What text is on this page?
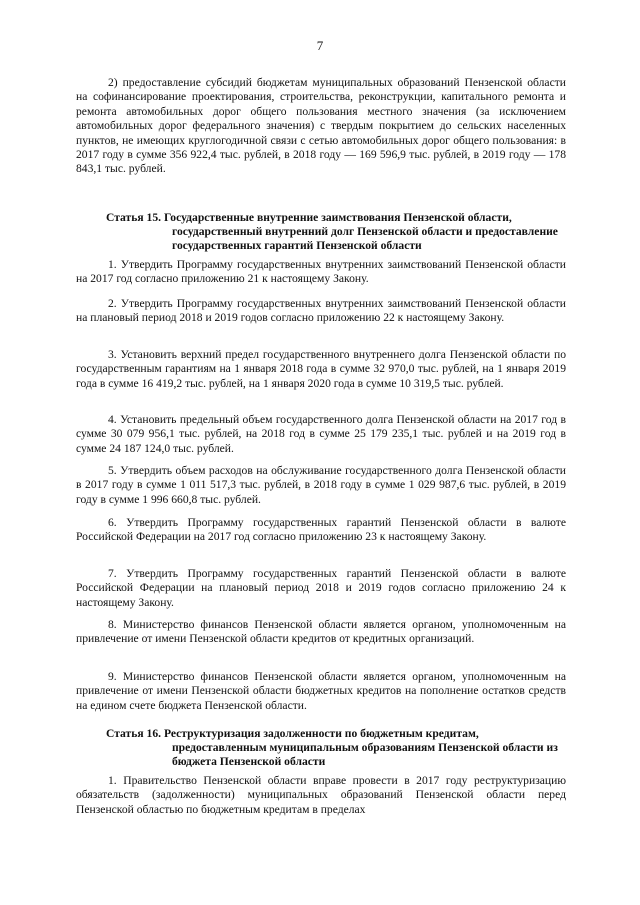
7

2) предоставление субсидий бюджетам муниципальных образований Пензенской области на софинансирование проектирования, строительства, реконструкции, капитального ремонта и ремонта автомобильных дорог общего пользования местного значения (за исключением автомобильных дорог федерального значения) с твердым покрытием до сельских населенных пунктов, не имеющих круглогодичной связи с сетью автомобильных дорог общего пользования: в 2017 году в сумме 356 922,4 тыс. рублей, в 2018 году — 169 596,9 тыс. рублей, в 2019 году — 178 843,1 тыс. рублей.

Статья 15. Государственные внутренние заимствования Пензенской области, государственный внутренний долг Пензенской области и предоставление государственных гарантий Пензенской области

1. Утвердить Программу государственных внутренних заимствований Пензенской области на 2017 год согласно приложению 21 к настоящему Закону.

2. Утвердить Программу государственных внутренних заимствований Пензенской области на плановый период 2018 и 2019 годов согласно приложению 22 к настоящему Закону.

3. Установить верхний предел государственного внутреннего долга Пензенской области по государственным гарантиям на 1 января 2018 года в сумме 32 970,0 тыс. рублей, на 1 января 2019 года в сумме 16 419,2 тыс. рублей, на 1 января 2020 года в сумме 10 319,5 тыс. рублей.

4. Установить предельный объем государственного долга Пензенской области на 2017 год в сумме 30 079 956,1 тыс. рублей, на 2018 год в сумме 25 179 235,1 тыс. рублей и на 2019 год в сумме 24 187 124,0 тыс. рублей.

5. Утвердить объем расходов на обслуживание государственного долга Пензенской области в 2017 году в сумме 1 011 517,3 тыс. рублей, в 2018 году в сумме 1 029 987,6 тыс. рублей, в 2019 году в сумме 1 996 660,8 тыс. рублей.

6. Утвердить Программу государственных гарантий Пензенской области в валюте Российской Федерации на 2017 год согласно приложению 23 к настоящему Закону.

7. Утвердить Программу государственных гарантий Пензенской области в валюте Российской Федерации на плановый период 2018 и 2019 годов согласно приложению 24 к настоящему Закону.

8. Министерство финансов Пензенской области является органом, уполномоченным на привлечение от имени Пензенской области кредитов от кредитных организаций.

9. Министерство финансов Пензенской области является органом, уполномоченным на привлечение от имени Пензенской области бюджетных кредитов на пополнение остатков средств на едином счете бюджета Пензенской области.

Статья 16. Реструктуризация задолженности по бюджетным кредитам, предоставленным муниципальным образованиям Пензенской области из бюджета Пензенской области

1. Правительство Пензенской области вправе провести в 2017 году реструктуризацию обязательств (задолженности) муниципальных образований Пензенской области перед Пензенской областью по бюджетным кредитам в пределах
